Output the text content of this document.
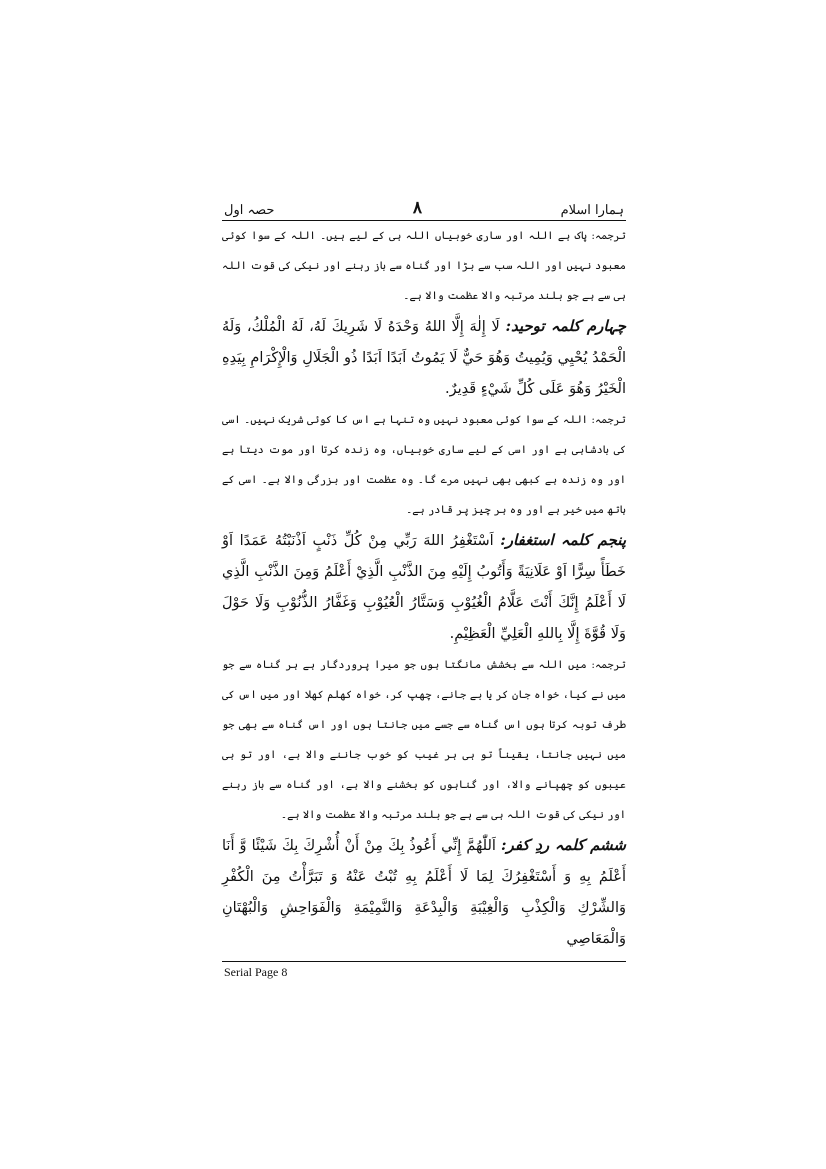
ہمارا اسلام
۸
حصہ اول

ترجمہ: پاک ہے اللہ اور ساری خوبیاں اللہ ہی کے لیے ہیں۔ اللہ کے سوا کوئی معبود نہیں اور اللہ سب سے بڑا اور گناہ سے باز رہنے اور نیکی کی قوت اللہ ہی سے ہے جو بلند مرتبہ والا عظمت والا ہے۔

چہارم کلمہ توحید: لَا إِلٰهَ إِلَّا اللهُ وَحْدَهُ لَا شَرِيكَ لَهُ، لَهُ الْمُلْكُ، وَلَهُ الْحَمْدُ يُحْيِي وَيُمِيتُ وَهُوَ حَيٌّ لَا يَمُوتُ اَبَدًا اَبَدًا ذُو الْجَلَالِ وَالْإِكْرَامِ بِيَدِهِ الْخَيْرُ وَهُوَ عَلَى كُلِّ شَيْءٍ قَدِيرٌ.

ترجمہ: اللہ کے سوا کوئی معبود نہیں وہ تنہا ہے اس کا کوئی شریک نہیں۔ اسی کی بادشاہی ہے اور اسی کے لیے ساری خوبیاں، وہ زندہ کرتا اور موت دیتا ہے اور وہ زندہ ہے کبھی بھی نہیں مرے گا۔ وہ عظمت اور بزرگی والا ہے۔ اسی کے ہاتھ میں خیر ہے اور وہ ہر چیز پر قادر ہے۔

پنجم کلمہ استغفار: اَسْتَغْفِرُ اللهَ رَبِّي مِنْ كُلِّ ذَنْبٍ اَذْنَبْتُهُ عَمَدًا اَوْ خَطَأً سِرًّا اَوْ عَلَانِيَةً وَأَتُوبُ إِلَيْهِ مِنَ الذَّنْبِ الَّذِيْ أَعْلَمُ وَمِنَ الذَّنْبِ الَّذِي لَا أَعْلَمُ إِنَّكَ أَنْتَ عَلَّامُ الْغُيُوْبِ وَسَتَّارُ الْعُيُوْبِ وَغَفَّارُ الذُّنُوْبِ وَلَا حَوْلَ وَلَا قُوَّةَ إِلَّا بِاللهِ الْعَلِيِّ الْعَظِيْمِ.

ترجمہ: میں اللہ سے بخشش مانگتا ہوں جو میرا پروردگار ہے ہر گناہ سے جو میں نے کیا، خواہ جان کر یا بے جانے، چھپ کر، خواہ کھلم کھلا اور میں اس کی طرف توبہ کرتا ہوں اس گناہ سے جسے میں جانتا ہوں اور اس گناہ سے بھی جو میں نہیں جانتا، یقیناً تو ہی ہر غیب کو خوب جاننے والا ہے، اور تو ہی عیبوں کو چھپانے والا، اور گناہوں کو بخشنے والا ہے، اور گناہ سے باز رہنے اور نیکی کی قوت اللہ ہی سے ہے جو بلند مرتبہ والا عظمت والا ہے۔

ششم کلمہ ردِ کفر: اَللّٰهُمَّ إِنِّي أَعُوذُ بِكَ مِنْ أَنْ أُشْرِكَ بِكَ شَيْئًا وَّ أَنَا أَعْلَمُ بِهِ وَ أَسْتَغْفِرُكَ لِمَا لَا أَعْلَمُ بِهِ تُبْتُ عَنْهُ وَ تَبَرَّأْتُ مِنَ الْكُفْرِ وَالشِّرْكِ وَالْكِذْبِ وَالْغِيْبَةِ وَالْبِدْعَةِ وَالنَّمِيْمَةِ وَالْفَوَاحِشِ وَالْبُهْتَانِ وَالْمَعَاصِي

Serial Page 8
